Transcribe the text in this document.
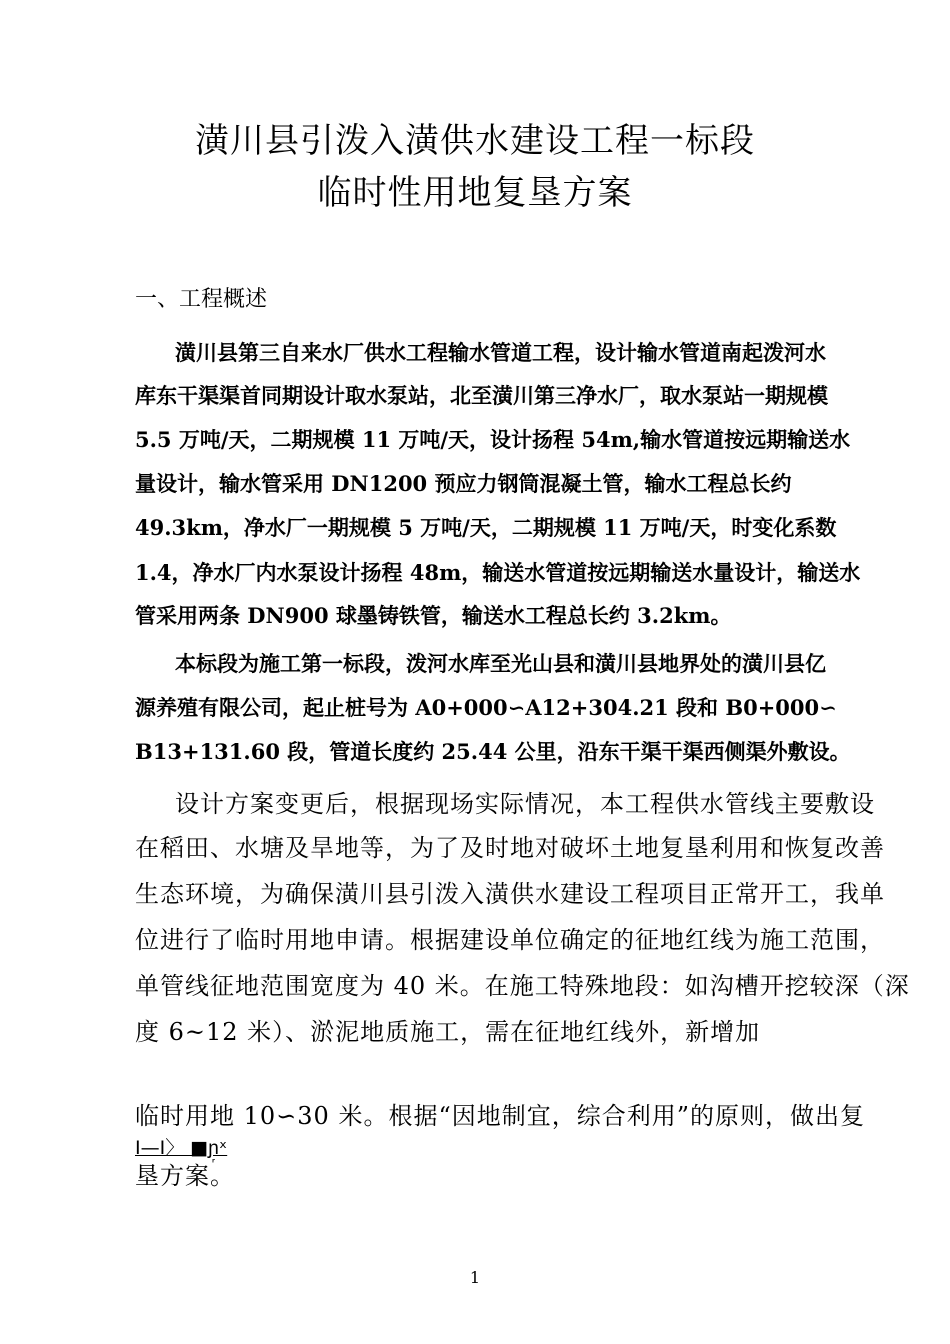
潢川县引泼入潢供水建设工程一标段
临时性用地复垦方案
一、工程概述
潢川县第三自来水厂供水工程输水管道工程，设计输水管道南起泼河水
库东干渠渠首同期设计取水泵站，北至潢川第三净水厂，取水泵站一期规模
5.5 万吨/天，二期规模 11 万吨/天，设计扬程 54m,输水管道按远期输送水
量设计，输水管采用 DN1200 预应力钢筒混凝土管，输水工程总长约
49.3km，净水厂一期规模 5 万吨/天，二期规模 11 万吨/天，时变化系数
1.4，净水厂内水泵设计扬程 48m，输送水管道按远期输送水量设计，输送水
管采用两条 DN900 球墨铸铁管，输送水工程总长约 3.2km。
本标段为施工第一标段，泼河水库至光山县和潢川县地界处的潢川县亿
源养殖有限公司，起止桩号为 A0+000∽A12+304.21 段和 B0+000∽
B13+131.60 段，管道长度约 25.44 公里，沿东干渠干渠西侧渠外敷设。
设计方案变更后，根据现场实际情况，本工程供水管线主要敷设
在稻田、水塘及旱地等，为了及时地对破坏土地复垦利用和恢复改善
生态环境，为确保潢川县引泼入潢供水建设工程项目正常开工，我单
位进行了临时用地申请。根据建设单位确定的征地红线为施工范围，
单管线征地范围宽度为 40 米。在施工特殊地段：如沟槽开挖较深（深
度 6~12 米）、淤泥地质施工，需在征地红线外，新增加
临时用地 10∽30 米。根据“因地制宜，综合利用”的原则，做出复
I—I〉 ■ɲ᷊ˣ
垦方案。
1
